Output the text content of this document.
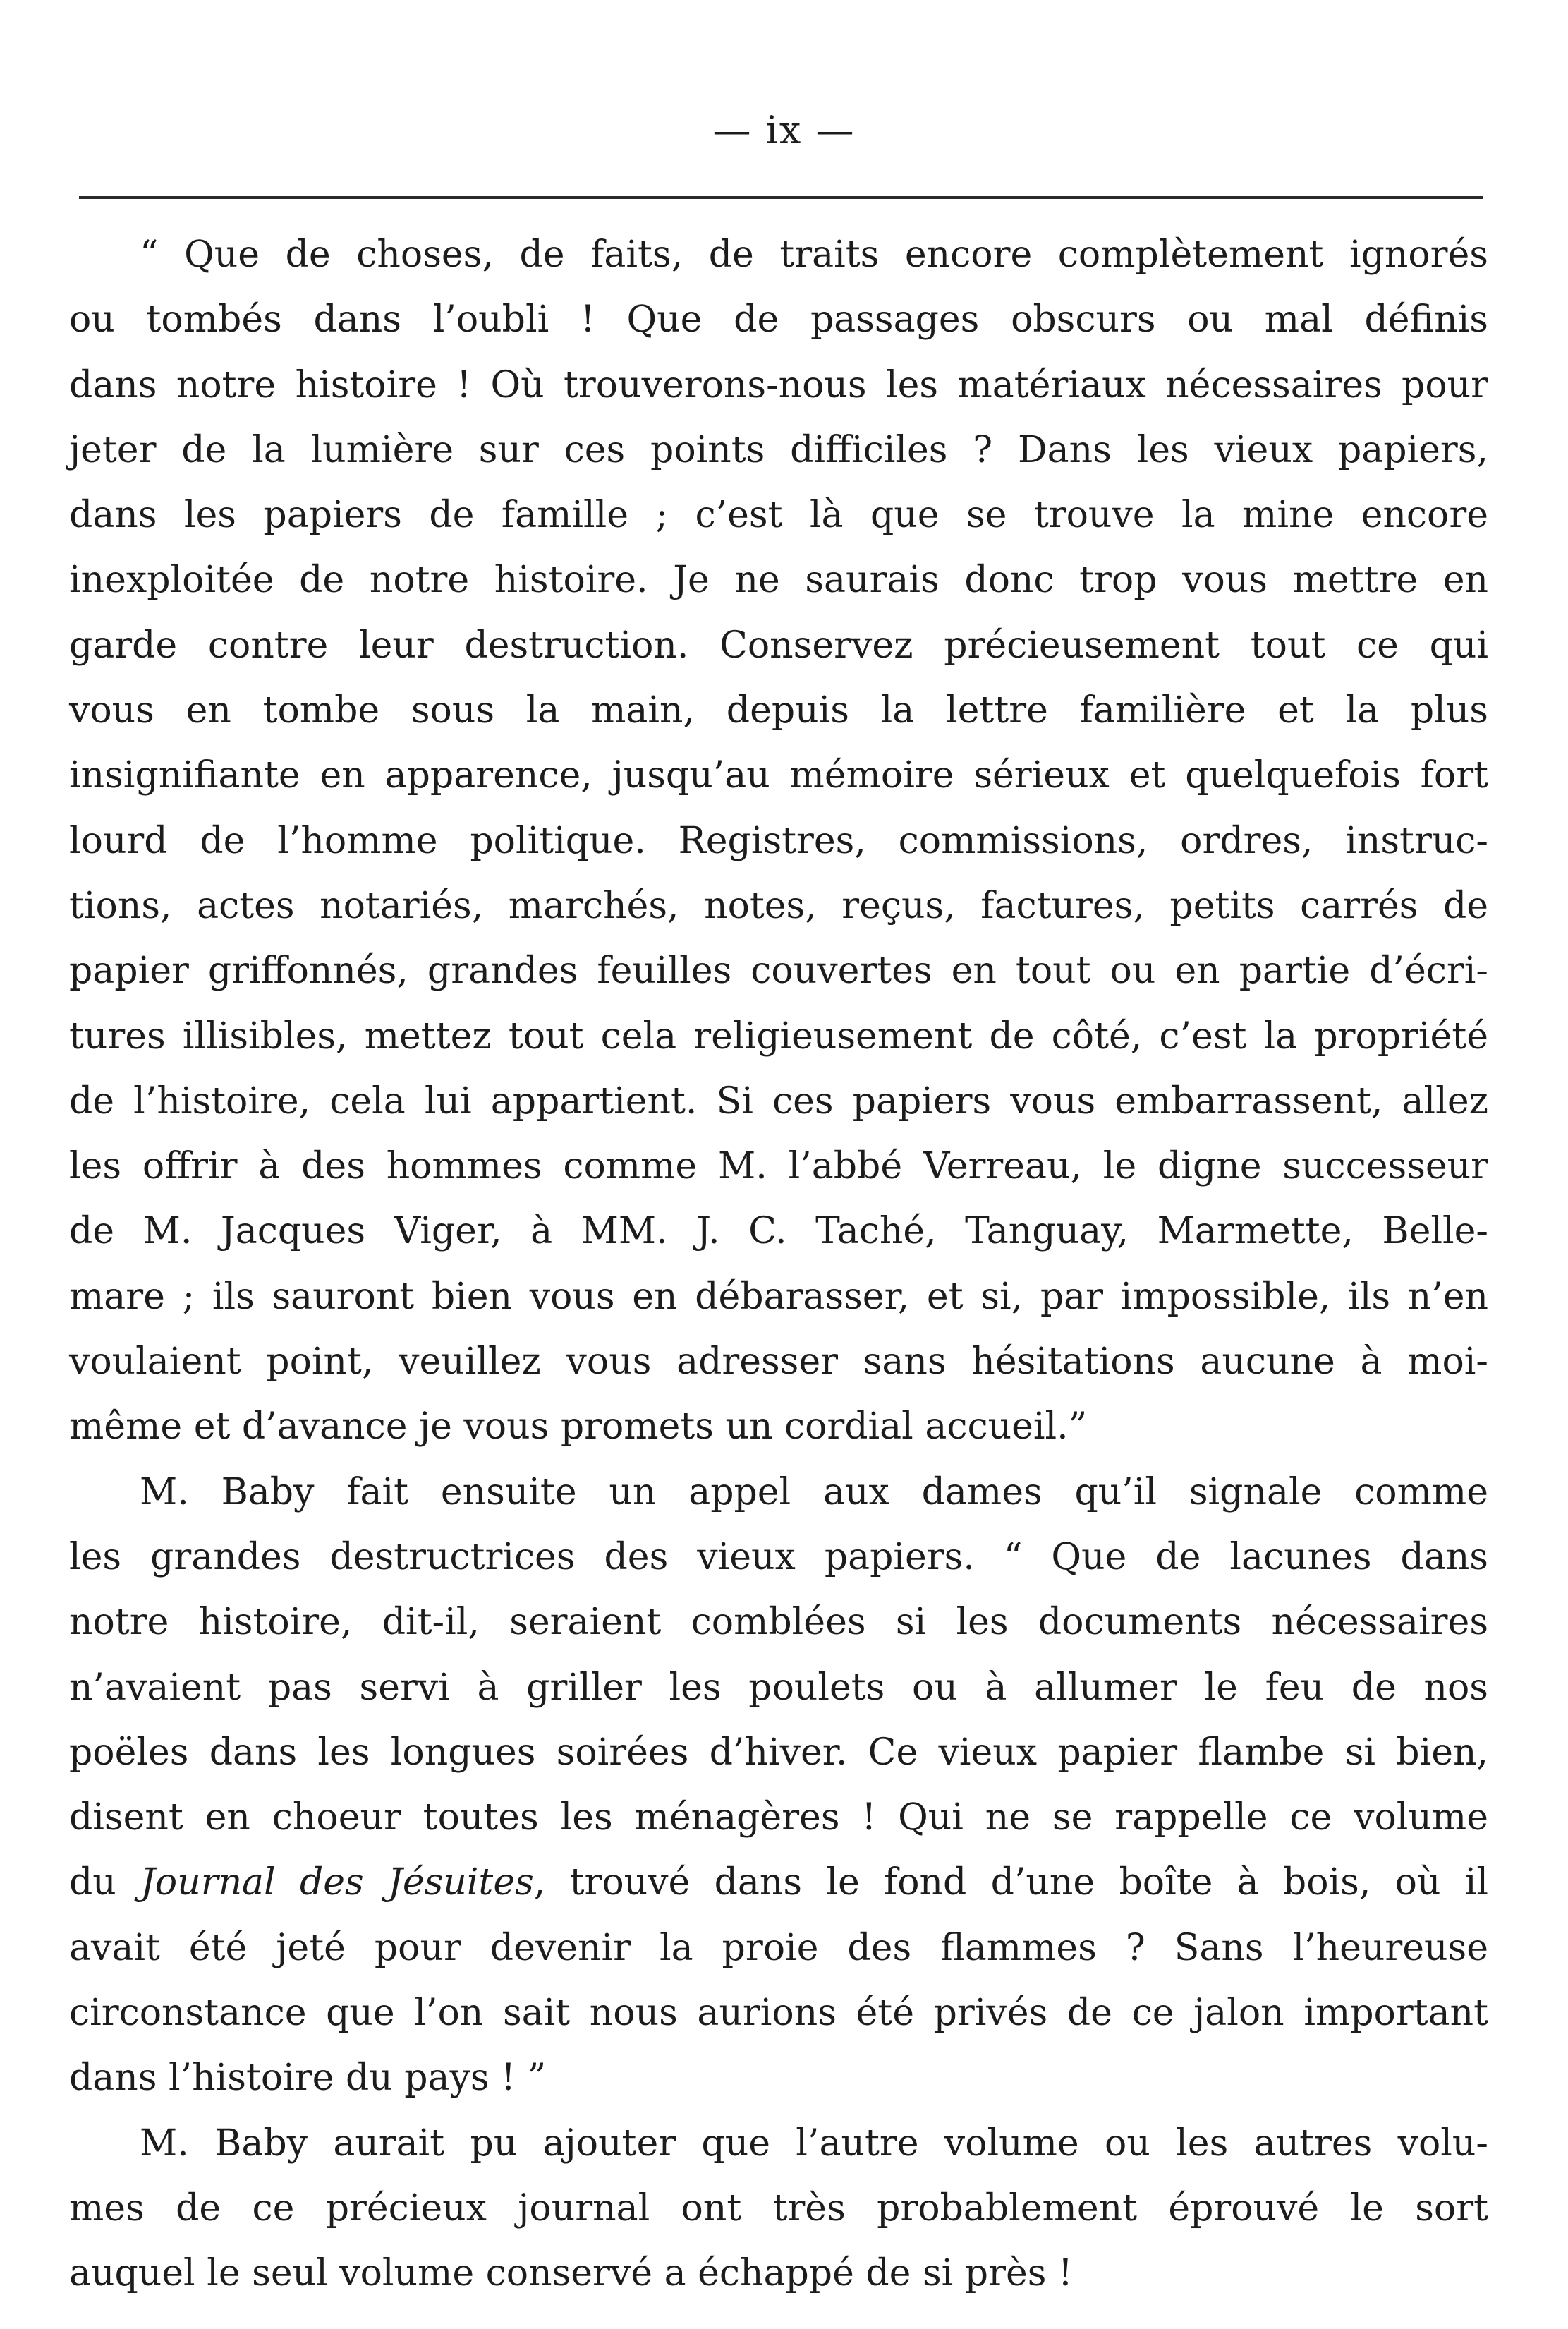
— ix —
“ Que de choses, de faits, de traits encore complètement ignorés
ou tombés dans l’oubli ! Que de passages obscurs ou mal définis
dans notre histoire ! Où trouverons-nous les matériaux nécessaires pour
jeter de la lumière sur ces points difficiles ? Dans les vieux papiers,
dans les papiers de famille ; c’est là que se trouve la mine encore
inexploitée de notre histoire. Je ne saurais donc trop vous mettre en
garde contre leur destruction. Conservez précieusement tout ce qui
vous en tombe sous la main, depuis la lettre familière et la plus
insignifiante en apparence, jusqu’au mémoire sérieux et quelquefois fort
lourd de l’homme politique. Registres, commissions, ordres, instruc-
tions, actes notariés, marchés, notes, reçus, factures, petits carrés de
papier griffonnés, grandes feuilles couvertes en tout ou en partie d’écri-
tures illisibles, mettez tout cela religieusement de côté, c’est la propriété
de l’histoire, cela lui appartient. Si ces papiers vous embarrassent, allez
les offrir à des hommes comme M. l’abbé Verreau, le digne successeur
de M. Jacques Viger, à MM. J. C. Taché, Tanguay, Marmette, Belle-
mare ; ils sauront bien vous en débarasser, et si, par impossible, ils n’en
voulaient point, veuillez vous adresser sans hésitations aucune à moi-
même et d’avance je vous promets un cordial accueil.”
M. Baby fait ensuite un appel aux dames qu’il signale comme
les grandes destructrices des vieux papiers. “ Que de lacunes dans
notre histoire, dit-il, seraient comblées si les documents nécessaires
n’avaient pas servi à griller les poulets ou à allumer le feu de nos
poëles dans les longues soirées d’hiver. Ce vieux papier flambe si bien,
disent en choeur toutes les ménagères ! Qui ne se rappelle ce volume
du Journal des Jésuites, trouvé dans le fond d’une boîte à bois, où il
avait été jeté pour devenir la proie des flammes ? Sans l’heureuse
circonstance que l’on sait nous aurions été privés de ce jalon important
dans l’histoire du pays ! ”
M. Baby aurait pu ajouter que l’autre volume ou les autres volu-
mes de ce précieux journal ont très probablement éprouvé le sort
auquel le seul volume conservé a échappé de si près !
